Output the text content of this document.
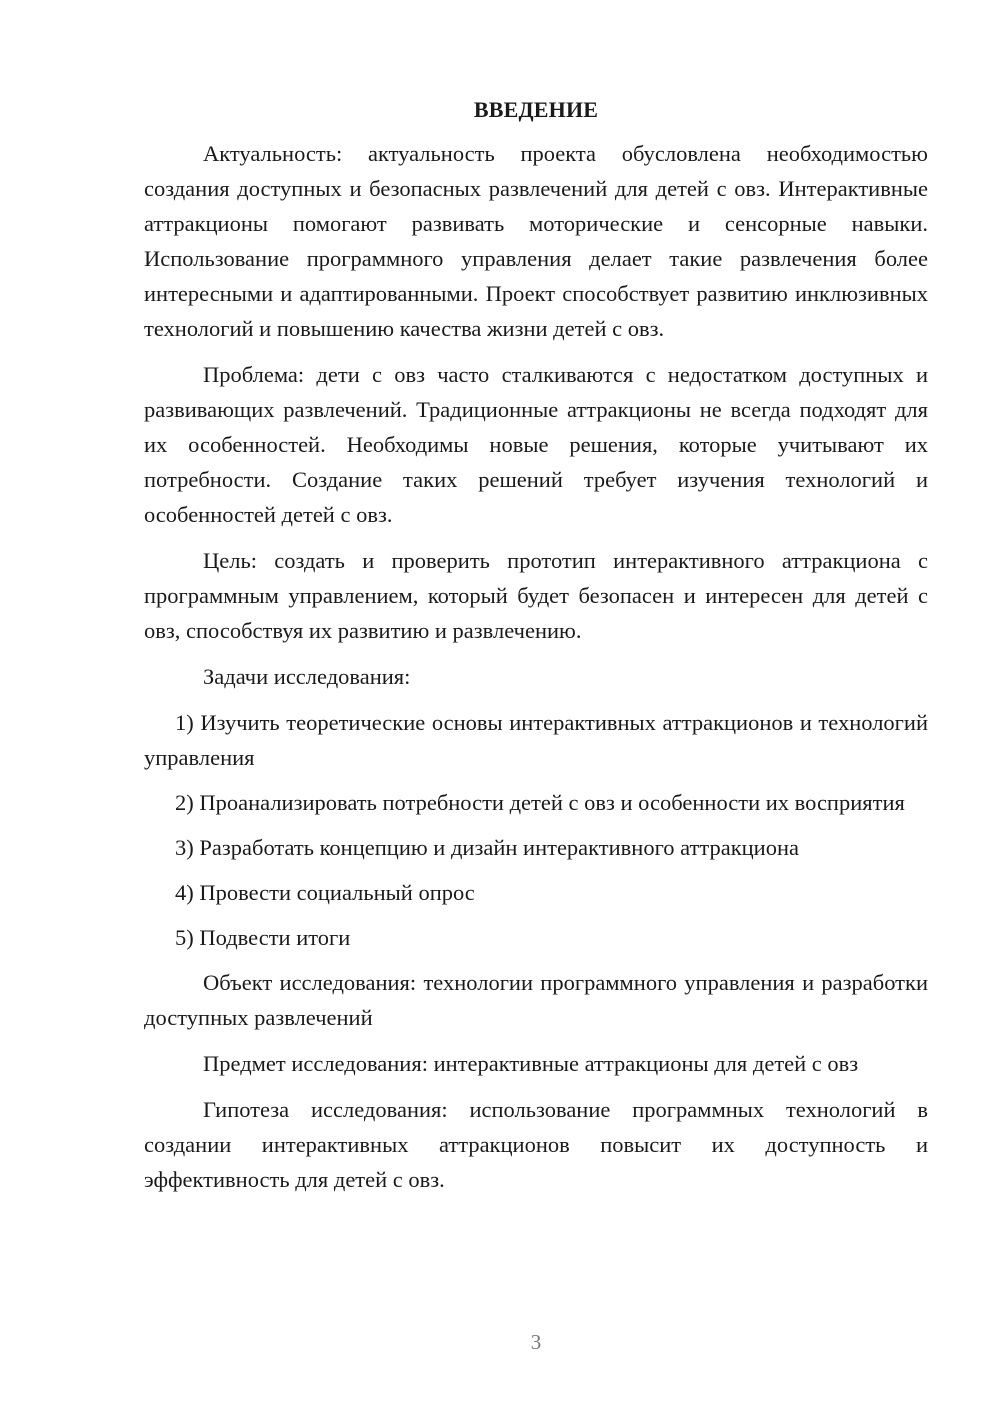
ВВЕДЕНИЕ

Актуальность: актуальность проекта обусловлена необходимостью создания доступных и безопасных развлечений для детей с овз. Интерактивные аттракционы помогают развивать моторические и сенсорные навыки. Использование программного управления делает такие развлечения более интересными и адаптированными. Проект способствует развитию инклюзивных технологий и повышению качества жизни детей с овз.

Проблема: дети с овз часто сталкиваются с недостатком доступных и развивающих развлечений. Традиционные аттракционы не всегда подходят для их особенностей. Необходимы новые решения, которые учитывают их потребности. Создание таких решений требует изучения технологий и особенностей детей с овз.

Цель: создать и проверить прототип интерактивного аттракциона с программным управлением, который будет безопасен и интересен для детей с овз, способствуя их развитию и развлечению.

Задачи исследования:

1) Изучить теоретические основы интерактивных аттракционов и технологий управления

2) Проанализировать потребности детей с овз и особенности их восприятия

3) Разработать концепцию и дизайн интерактивного аттракциона

4) Провести социальный опрос

5) Подвести итоги

Объект исследования: технологии программного управления и разработки доступных развлечений

Предмет исследования: интерактивные аттракционы для детей с овз

Гипотеза исследования: использование программных технологий в создании интерактивных аттракционов повысит их доступность и эффективность для детей с овз.

3
